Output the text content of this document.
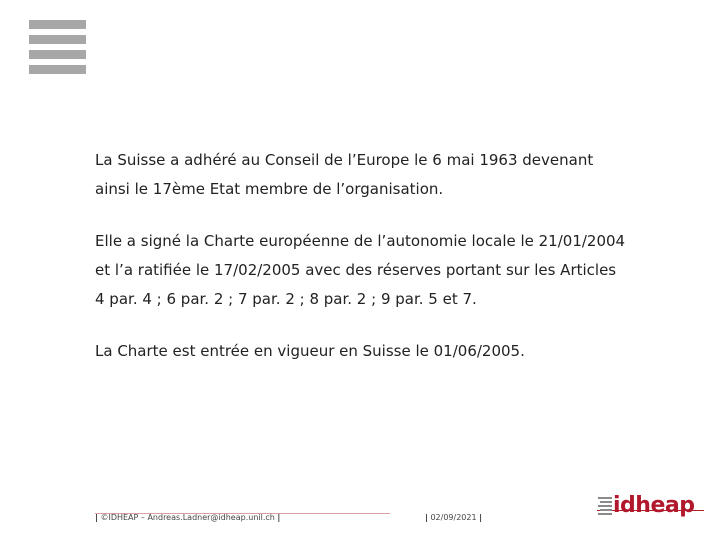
La Suisse a adhéré au Conseil de l’Europe le 6 mai 1963 devenant
ainsi le 17ème Etat membre de l’organisation.

Elle a signé la Charte européenne de l’autonomie locale le 21/01/2004
et l’a ratifiée le 17/02/2005 avec des réserves portant sur les Articles
4 par. 4 ; 6 par. 2 ; 7 par. 2 ; 8 par. 2 ; 9 par. 5 et 7.

La Charte est entrée en vigueur en Suisse le 01/06/2005.

| ©IDHEAP – Andreas.Ladner@idheap.unil.ch |	| 02/09/2021 |	idheap
